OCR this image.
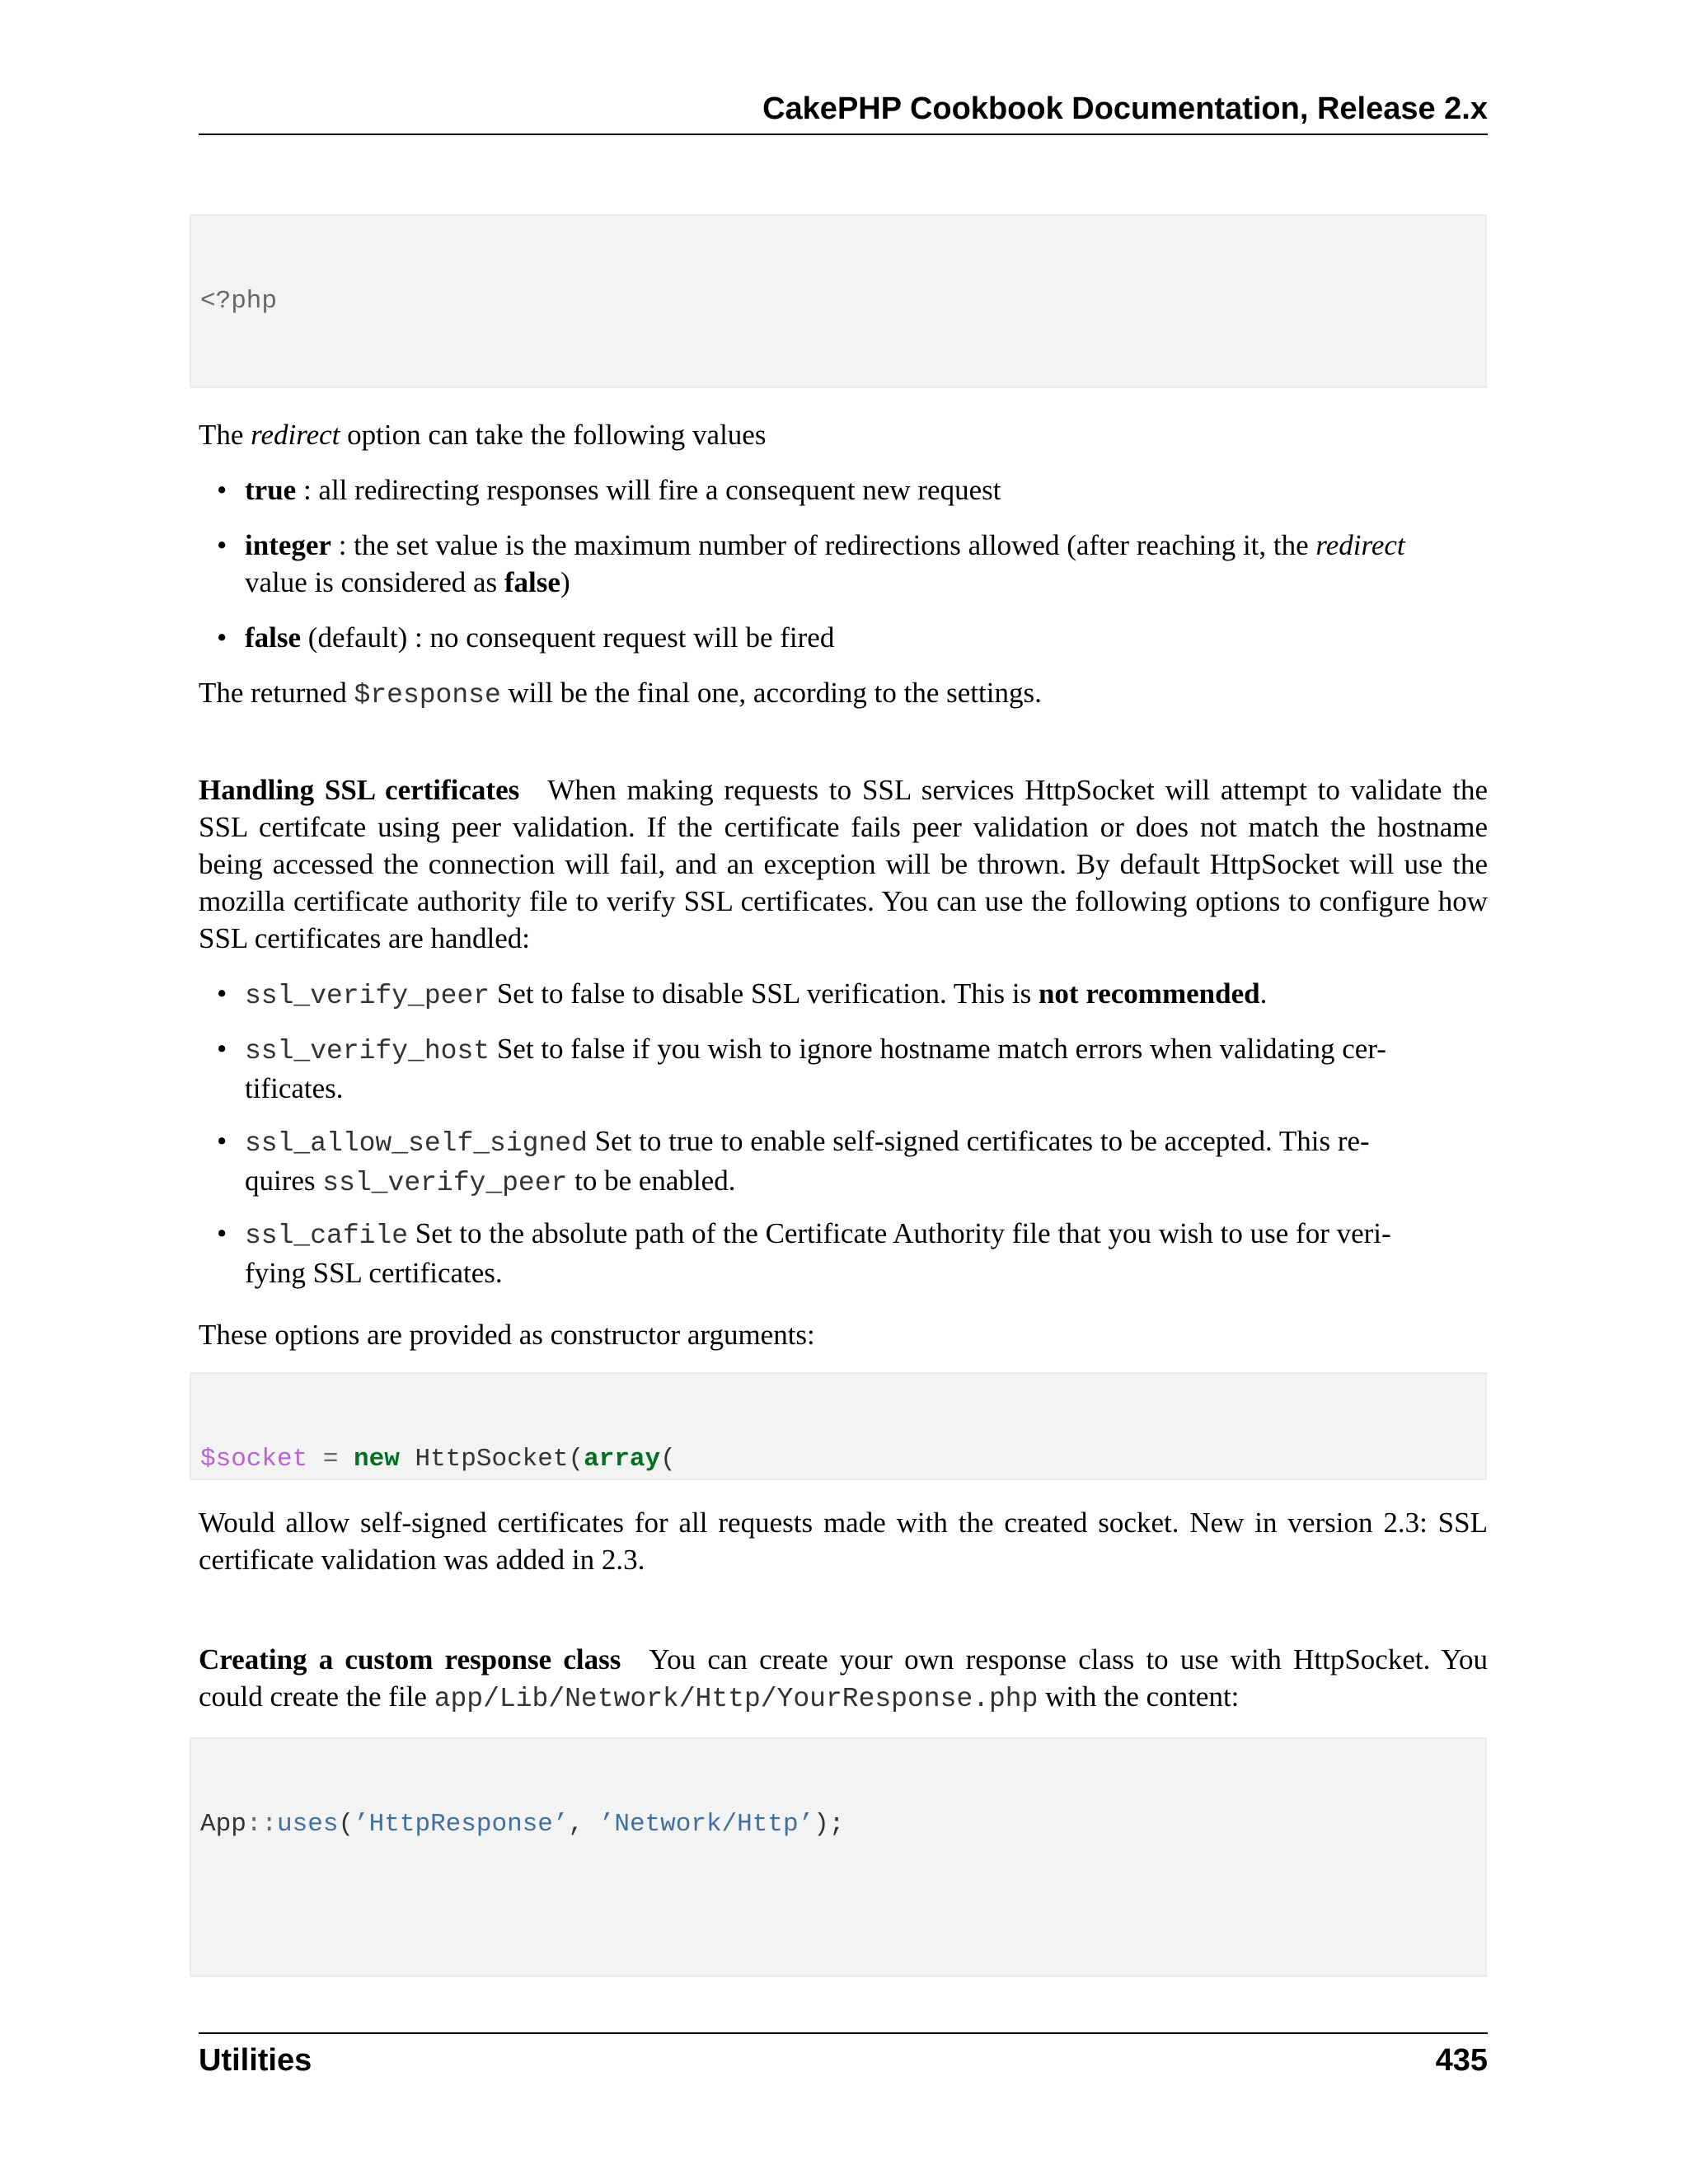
CakePHP Cookbook Documentation, Release 2.x

<?php

The redirect option can take the following values
• true : all redirecting responses will fire a consequent new request
• integer : the set value is the maximum number of redirections allowed (after reaching it, the redirect
value is considered as false)
• false (default) : no consequent request will be fired
The returned $response will be the final one, according to the settings.
Handling SSL certificates When making requests to SSL services HttpSocket will attempt to validate the SSL certifcate using peer validation. If the certificate fails peer validation or does not match the hostname being accessed the connection will fail, and an exception will be thrown. By default HttpSocket will use the mozilla certificate authority file to verify SSL certificates. You can use the following options to configure how SSL certificates are handled:
• ssl_verify_peer Set to false to disable SSL verification. This is not recommended.
• ssl_verify_host Set to false if you wish to ignore hostname match errors when validating cer-
tificates.
• ssl_allow_self_signed Set to true to enable self-signed certificates to be accepted. This re-
quires ssl_verify_peer to be enabled.
• ssl_cafile Set to the absolute path of the Certificate Authority file that you wish to use for veri-
fying SSL certificates.
These options are provided as constructor arguments:

$socket = new HttpSocket(array(

Would allow self-signed certificates for all requests made with the created socket. New in version 2.3: SSL certificate validation was added in 2.3.
Creating a custom response class You can create your own response class to use with HttpSocket. You could create the file app/Lib/Network/Http/YourResponse.php with the content:

App::uses(’HttpResponse’, ’Network/Http’);

Utilities	435
